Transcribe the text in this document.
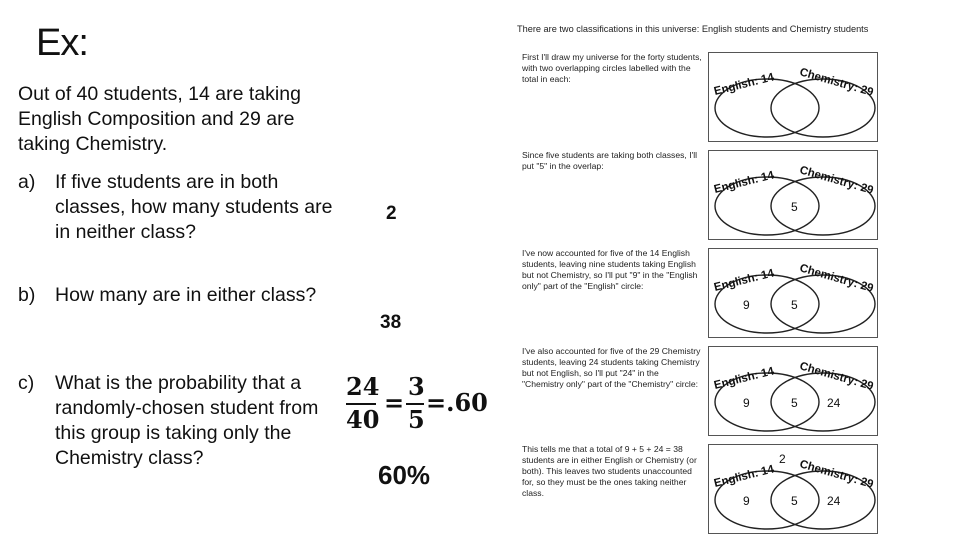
Ex:
Out of 40 students, 14 are taking English Composition and 29 are taking Chemistry.
a)	If five students are in both classes, how many students are in neither class?
2
b)	How many are in either class?
38
c)	What is the probability that a randomly-chosen student from this group is taking only the Chemistry class?
24
40
=
3
5
=.60
60%
There are two classifications in this universe: English students and Chemistry students
First I'll draw my universe for the forty students, with two overlapping circles labelled with the total in each:	English: 14 Chemistry: 29
Since five students are taking both classes, I'll put "5" in the overlap:
English: 14 Chemistry: 29
5
I've now accounted for five of the 14 English students, leaving nine students taking English but not Chemistry, so I'll put "9" in the "English only" part of the "English" circle:	English: 14 Chemistry: 29
9	5
I've also accounted for five of the 29 Chemistry students, leaving 24 students taking Chemistry but not English, so I'll put "24" in the "Chemistry only" part of the "Chemistry" circle:	English: 14 Chemistry: 29
9	5 24
This tells me that a total of 9 + 5 + 24 = 38 students are in either English or Chemistry (or both). This leaves two students unaccounted for, so they must be the ones taking neither class.
English: 14 Chemistry: 29
9	5 24
2
